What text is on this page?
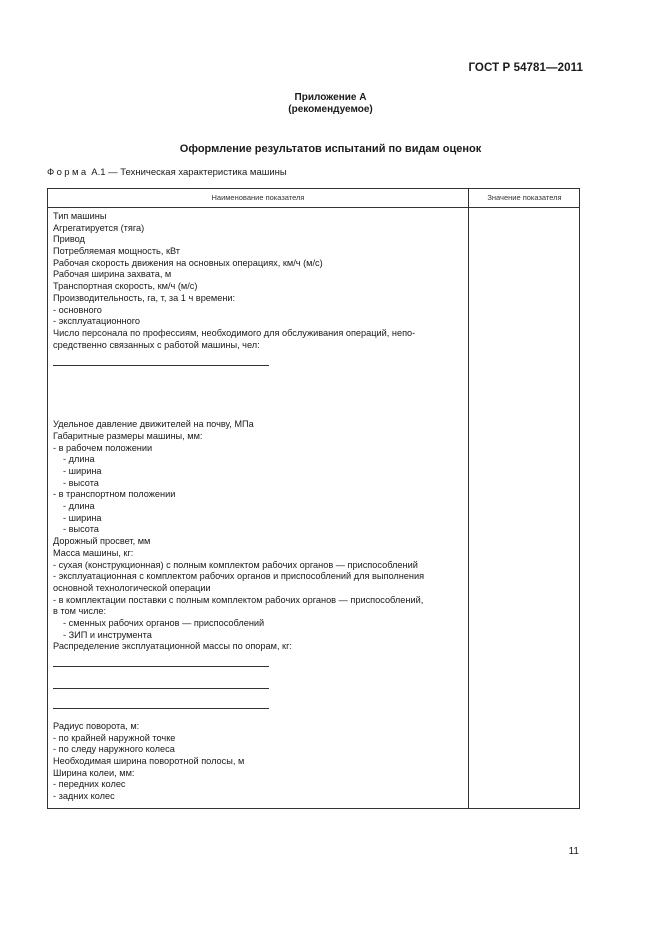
ГОСТ Р 54781—2011
Приложение А
(рекомендуемое)
Оформление результатов испытаний по видам оценок
Форма А.1 — Техническая характеристика машины
Наименование показателя	Значение показателя
Тип машины
Агрегатируется (тяга)
Привод
Потребляемая мощность, кВт
Рабочая скорость движения на основных операциях, км/ч (м/с)
Рабочая ширина захвата, м
Транспортная скорость, км/ч (м/с)
Производительность, га, т, за 1 ч времени:
- основного
- эксплуатационного
Число персонала по профессиям, необходимого для обслуживания операций, непо-
средственно связанных с работой машины, чел:
Удельное давление движителей на почву, МПа
Габаритные размеры машины, мм:
- в рабочем положении
- длина
- ширина
- высота
- в транспортном положении
- длина
- ширина
- высота
Дорожный просвет, мм
Масса машины, кг:
- сухая (конструкционная) с полным комплектом рабочих органов — приспособлений
- эксплуатационная с комплектом рабочих органов и приспособлений для выполнения
основной технологической операции
- в комплектации поставки с полным комплектом рабочих органов — приспособлений,
в том числе:
- сменных рабочих органов — приспособлений
- ЗИП и инструмента
Распределение эксплуатационной массы по опорам, кг:
Радиус поворота, м:
- по крайней наружной точке
- по следу наружного колеса
Необходимая ширина поворотной полосы, м
Ширина колеи, мм:
- передних колес
- задних колес
11
